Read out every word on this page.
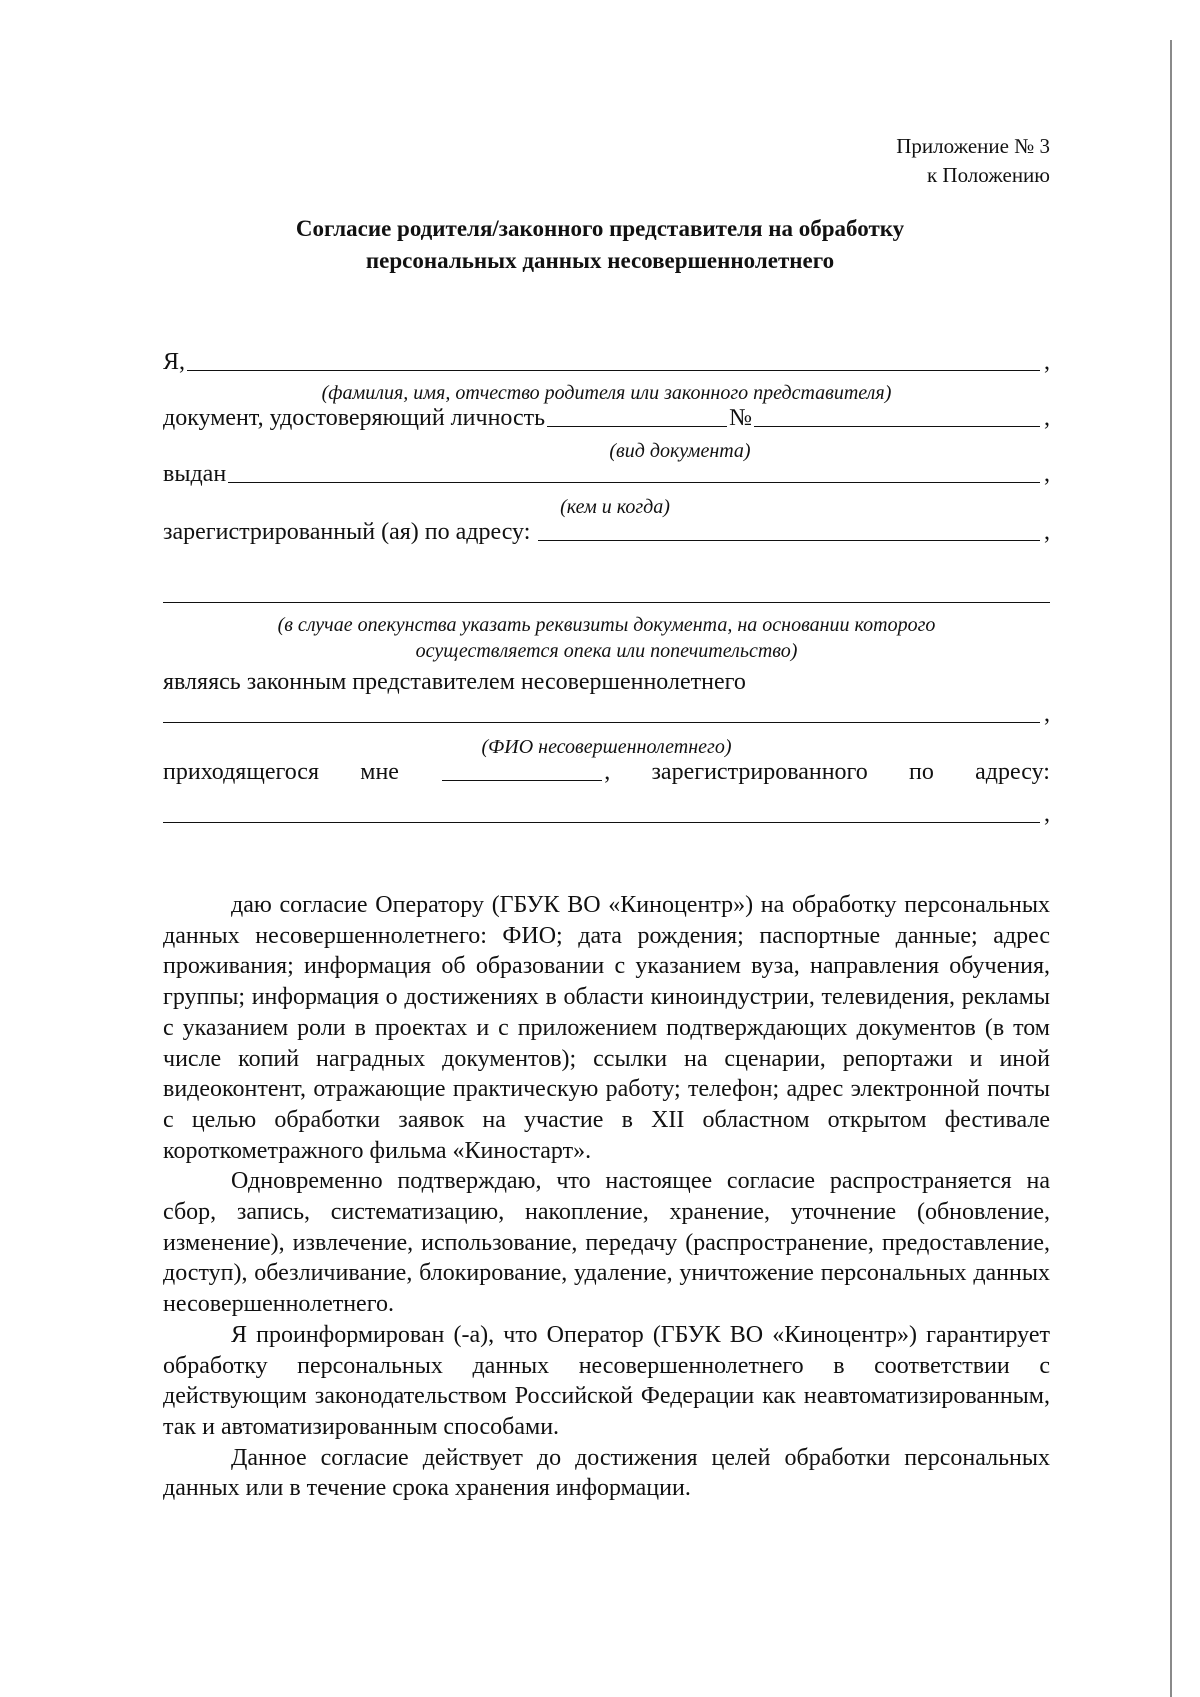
Приложение № 3
к Положению
Согласие родителя/законного представителя на обработку
персональных данных несовершеннолетнего
Я,	,
(фамилия, имя, отчество родителя или законного представителя)
документ, удостоверяющий личность	№	,
(вид документа)
выдан	,
(кем и когда)
зарегистрированный (ая) по адресу:	,
(в случае опекунства указать реквизиты документа, на основании которого
осуществляется опека или попечительство)
являясь законным представителем несовершеннолетнего
,
(ФИО несовершеннолетнего)
приходящегося мне	, зарегистрированного по адресу:
,

даю согласие Оператору (ГБУК ВО «Киноцентр») на обработку персональных данных несовершеннолетнего: ФИО; дата рождения; паспортные данные; адрес проживания; информация об образовании с указанием вуза, направления обучения, группы; информация о достижениях в области киноиндустрии, телевидения, рекламы с указанием роли в проектах и с приложением подтверждающих документов (в том числе копий наградных документов); ссылки на сценарии, репортажи и иной видеоконтент, отражающие практическую работу; телефон; адрес электронной почты с целью обработки заявок на участие в XII областном открытом фестивале короткометражного фильма «Киностарт».

Одновременно подтверждаю, что настоящее согласие распространяется на сбор, запись, систематизацию, накопление, хранение, уточнение (обновление, изменение), извлечение, использование, передачу (распространение, предоставление, доступ), обезличивание, блокирование, удаление, уничтожение персональных данных несовершеннолетнего.

Я проинформирован (-а), что Оператор (ГБУК ВО «Киноцентр») гарантирует обработку персональных данных несовершеннолетнего в соответствии с действующим законодательством Российской Федерации как неавтоматизированным, так и автоматизированным способами.

Данное согласие действует до достижения целей обработки персональных данных или в течение срока хранения информации.
